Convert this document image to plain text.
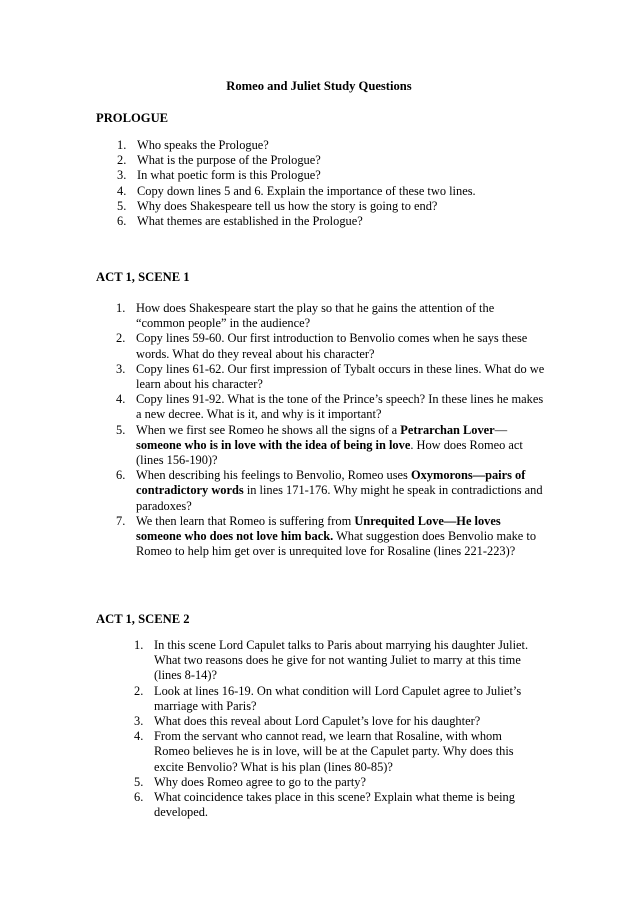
Romeo and Juliet Study Questions
PROLOGUE
1. Who speaks the Prologue?
2. What is the purpose of the Prologue?
3. In what poetic form is this Prologue?
4. Copy down lines 5 and 6. Explain the importance of these two lines.
5. Why does Shakespeare tell us how the story is going to end?
6. What themes are established in the Prologue?
ACT 1, SCENE 1
1. How does Shakespeare start the play so that he gains the attention of the “common people” in the audience?
2. Copy lines 59-60. Our first introduction to Benvolio comes when he says these words. What do they reveal about his character?
3. Copy lines 61-62. Our first impression of Tybalt occurs in these lines. What do we learn about his character?
4. Copy lines 91-92. What is the tone of the Prince’s speech? In these lines he makes a new decree. What is it, and why is it important?
5. When we first see Romeo he shows all the signs of a Petrarchan Lover—someone who is in love with the idea of being in love. How does Romeo act (lines 156-190)?
6. When describing his feelings to Benvolio, Romeo uses Oxymorons—pairs of contradictory words in lines 171-176. Why might he speak in contradictions and paradoxes?
7. We then learn that Romeo is suffering from Unrequited Love—He loves someone who does not love him back. What suggestion does Benvolio make to Romeo to help him get over is unrequited love for Rosaline (lines 221-223)?
ACT 1, SCENE 2
1. In this scene Lord Capulet talks to Paris about marrying his daughter Juliet. What two reasons does he give for not wanting Juliet to marry at this time (lines 8-14)?
2. Look at lines 16-19. On what condition will Lord Capulet agree to Juliet’s marriage with Paris?
3. What does this reveal about Lord Capulet’s love for his daughter?
4. From the servant who cannot read, we learn that Rosaline, with whom Romeo believes he is in love, will be at the Capulet party. Why does this excite Benvolio? What is his plan (lines 80-85)?
5. Why does Romeo agree to go to the party?
6. What coincidence takes place in this scene? Explain what theme is being developed.
